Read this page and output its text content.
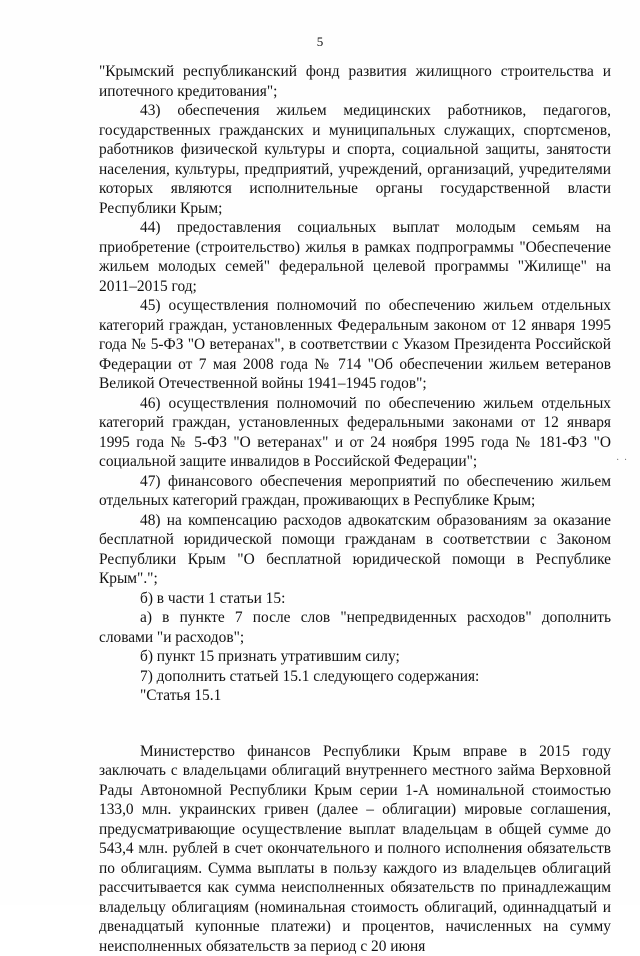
5

"Крымский республиканский фонд развития жилищного строительства и ипотечного кредитования";

43) обеспечения жильем медицинских работников, педагогов, государственных гражданских и муниципальных служащих, спортсменов, работников физической культуры и спорта, социальной защиты, занятости населения, культуры, предприятий, учреждений, организаций, учредителями которых являются исполнительные органы государственной власти Республики Крым;

44) предоставления социальных выплат молодым семьям на приобретение (строительство) жилья в рамках подпрограммы "Обеспечение жильем молодых семей" федеральной целевой программы "Жилище" на 2011–2015 год;

45) осуществления полномочий по обеспечению жильем отдельных категорий граждан, установленных Федеральным законом от 12 января 1995 года № 5-ФЗ "О ветеранах", в соответствии с Указом Президента Российской Федерации от 7 мая 2008 года № 714 "Об обеспечении жильем ветеранов Великой Отечественной войны 1941–1945 годов";

46) осуществления полномочий по обеспечению жильем отдельных категорий граждан, установленных федеральными законами от 12 января 1995 года № 5-ФЗ "О ветеранах" и от 24 ноября 1995 года № 181-ФЗ "О социальной защите инвалидов в Российской Федерации";

47) финансового обеспечения мероприятий по обеспечению жильем отдельных категорий граждан, проживающих в Республике Крым;

48) на компенсацию расходов адвокатским образованиям за оказание бесплатной юридической помощи гражданам в соответствии с Законом Республики Крым "О бесплатной юридической помощи в Республике Крым".";

б) в части 1 статьи 15:

а) в пункте 7 после слов "непредвиденных расходов" дополнить словами "и расходов";

б) пункт 15 признать утратившим силу;

7) дополнить статьей 15.1 следующего содержания:

"Статья 15.1

Министерство финансов Республики Крым вправе в 2015 году заключать с владельцами облигаций внутреннего местного займа Верховной Рады Автономной Республики Крым серии 1-А номинальной стоимостью 133,0 млн. украинских гривен (далее – облигации) мировые соглашения, предусматривающие осуществление выплат владельцам в общей сумме до 543,4 млн. рублей в счет окончательного и полного исполнения обязательств по облигациям. Сумма выплаты в пользу каждого из владельцев облигаций рассчитывается как сумма неисполненных обязательств по принадлежащим владельцу облигациям (номинальная стоимость облигаций, одиннадцатый и двенадцатый купонные платежи) и процентов, начисленных на сумму неисполненных обязательств за период с 20 июня

· ·
